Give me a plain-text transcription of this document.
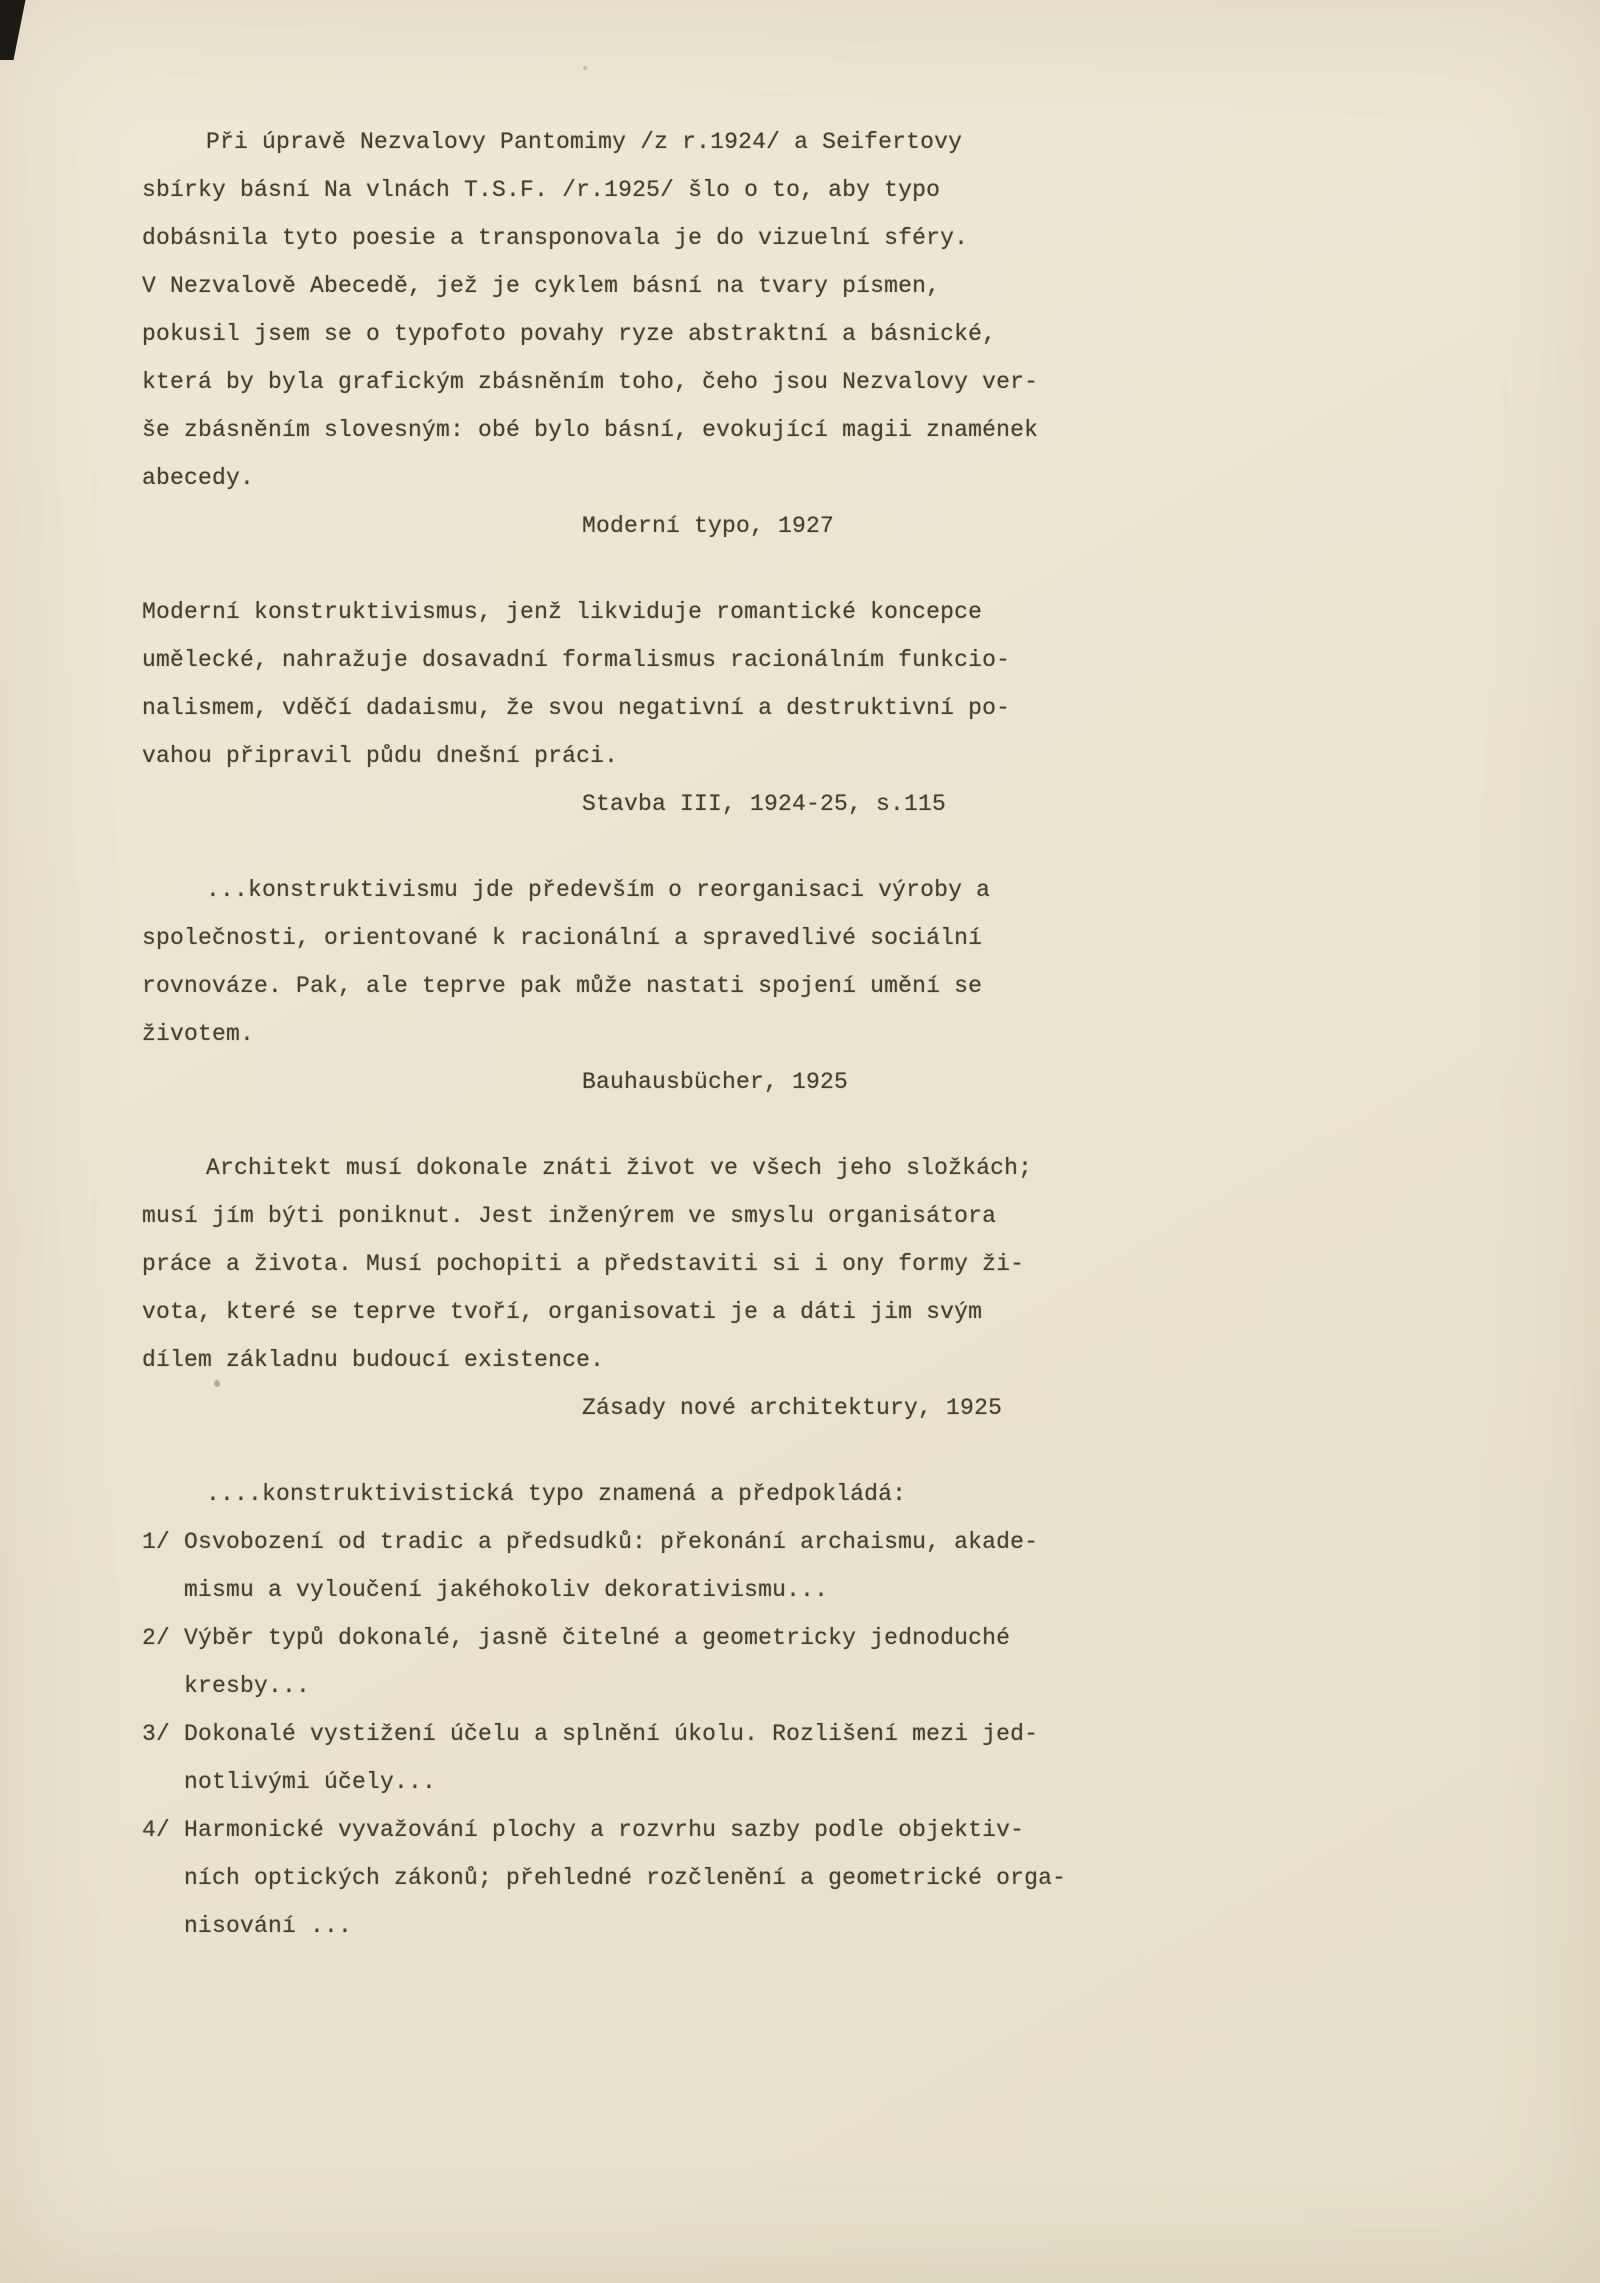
Při úpravě Nezvalovy Pantomimy /z r.1924/ a Seifertovy
sbírky básní Na vlnách T.S.F. /r.1925/ šlo o to, aby typo
dobásnila tyto poesie a transponovala je do vizuelní sféry.
V Nezvalově Abecedě, jež je cyklem básní na tvary písmen,
pokusil jsem se o typofoto povahy ryze abstraktní a básnické,
která by byla grafickým zbásněním toho, čeho jsou Nezvalovy ver-
še zbásněním slovesným: obé bylo básní, evokující magii znamének
abecedy.
Moderní typo, 1927
Moderní konstruktivismus, jenž likviduje romantické koncepce
umělecké, nahražuje dosavadní formalismus racionálním funkcio-
nalismem, vděčí dadaismu, že svou negativní a destruktivní po-
vahou připravil půdu dnešní práci.
Stavba III, 1924-25, s.115
...konstruktivismu jde především o reorganisaci výroby a
společnosti, orientované k racionální a spravedlivé sociální
rovnováze. Pak, ale teprve pak může nastati spojení umění se
životem.
Bauhausbücher, 1925
Architekt musí dokonale znáti život ve všech jeho složkách;
musí jím býti poniknut. Jest inženýrem ve smyslu organisátora
práce a života. Musí pochopiti a představiti si i ony formy ži-
vota, které se teprve tvoří, organisovati je a dáti jim svým
dílem základnu budoucí existence.
Zásady nové architektury, 1925
....konstruktivistická typo znamená a předpokládá:
1/ Osvobození od tradic a předsudků: překonání archaismu, akade-
mismu a vyloučení jakéhokoliv dekorativismu...
2/ Výběr typů dokonalé, jasně čitelné a geometricky jednoduché
kresby...
3/ Dokonalé vystižení účelu a splnění úkolu. Rozlišení mezi jed-
notlivými účely...
4/ Harmonické vyvažování plochy a rozvrhu sazby podle objektiv-
ních optických zákonů; přehledné rozčlenění a geometrické orga-
nisování ...
